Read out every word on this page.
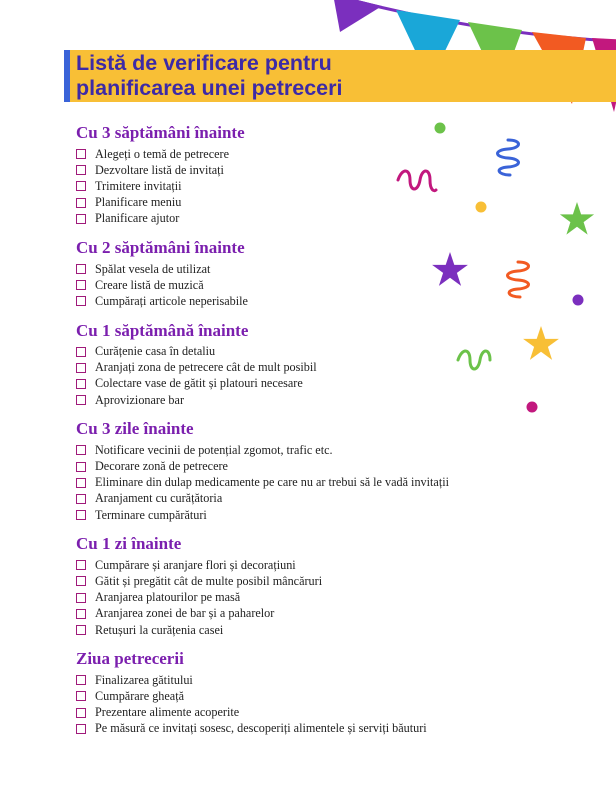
Listă de verificare pentru
planificarea unei petreceri
Cu 3 săptămâni înainte
Alegeți o temă de petrecere
Dezvoltare listă de invitați
Trimitere invitații
Planificare meniu
Planificare ajutor
Cu 2 săptămâni înainte
Spălat vesela de utilizat
Creare listă de muzică
Cumpărați articole neperisabile
Cu 1 săptămână înainte
Curățenie casa în detaliu
Aranjați zona de petrecere cât de mult posibil
Colectare vase de gătit și platouri necesare
Aprovizionare bar
Cu 3 zile înainte
Notificare vecinii de potențial zgomot, trafic etc.
Decorare zonă de petrecere
Eliminare din dulap medicamente pe care nu ar trebui să le vadă invitații
Aranjament cu curățătoria
Terminare cumpărături
Cu 1 zi înainte
Cumpărare și aranjare flori și decorațiuni
Gătit și pregătit cât de multe posibil mâncăruri
Aranjarea platourilor pe masă
Aranjarea zonei de bar și a paharelor
Retușuri la curățenia casei
Ziua petrecerii
Finalizarea gătitului
Cumpărare gheață
Prezentare alimente acoperite
Pe măsură ce invitați sosesc, descoperiți alimentele și serviți băuturi
